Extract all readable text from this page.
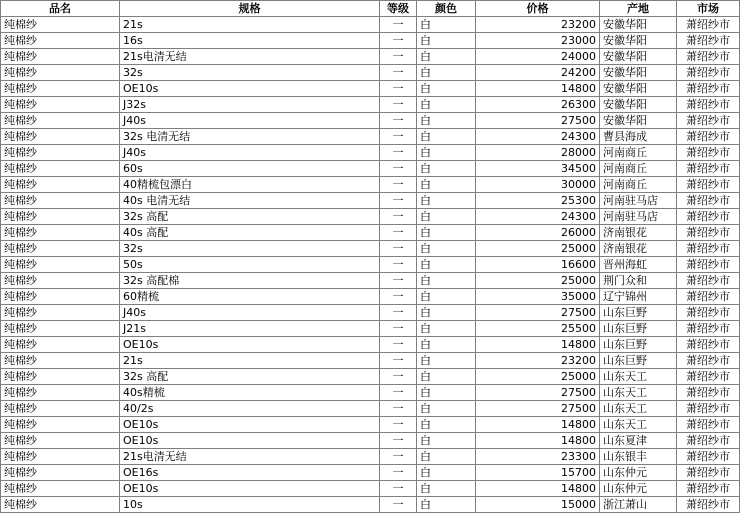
品名	规格	等级	颜色	价格	产地	市场
纯棉纱	21s	一	白	23200	安徽华阳	萧绍纱市
纯棉纱	16s	一	白	23000	安徽华阳	萧绍纱市
纯棉纱	21s电清无结	一	白	24000	安徽华阳	萧绍纱市
纯棉纱	32s	一	白	24200	安徽华阳	萧绍纱市
纯棉纱	OE10s	一	白	14800	安徽华阳	萧绍纱市
纯棉纱	J32s	一	白	26300	安徽华阳	萧绍纱市
纯棉纱	J40s	一	白	27500	安徽华阳	萧绍纱市
纯棉纱	32s 电清无结	一	白	24300	曹县海成	萧绍纱市
纯棉纱	J40s	一	白	28000	河南商丘	萧绍纱市
纯棉纱	60s	一	白	34500	河南商丘	萧绍纱市
纯棉纱	40精梳包漂白	一	白	30000	河南商丘	萧绍纱市
纯棉纱	40s 电清无结	一	白	25300	河南驻马店	萧绍纱市
纯棉纱	32s 高配	一	白	24300	河南驻马店	萧绍纱市
纯棉纱	40s 高配	一	白	26000	济南银花	萧绍纱市
纯棉纱	32s	一	白	25000	济南银花	萧绍纱市
纯棉纱	50s	一	白	16600	晋州海虹	萧绍纱市
纯棉纱	32s 高配棉	一	白	25000	荆门众和	萧绍纱市
纯棉纱	60精梳	一	白	35000	辽宁锦州	萧绍纱市
纯棉纱	J40s	一	白	27500	山东巨野	萧绍纱市
纯棉纱	J21s	一	白	25500	山东巨野	萧绍纱市
纯棉纱	OE10s	一	白	14800	山东巨野	萧绍纱市
纯棉纱	21s	一	白	23200	山东巨野	萧绍纱市
纯棉纱	32s 高配	一	白	25000	山东天工	萧绍纱市
纯棉纱	40s精梳	一	白	27500	山东天工	萧绍纱市
纯棉纱	40/2s	一	白	27500	山东天工	萧绍纱市
纯棉纱	OE10s	一	白	14800	山东天工	萧绍纱市
纯棉纱	OE10s	一	白	14800	山东夏津	萧绍纱市
纯棉纱	21s电清无结	一	白	23300	山东银丰	萧绍纱市
纯棉纱	OE16s	一	白	15700	山东仲元	萧绍纱市
纯棉纱	OE10s	一	白	14800	山东仲元	萧绍纱市
纯棉纱	10s	一	白	15000	浙江萧山	萧绍纱市
